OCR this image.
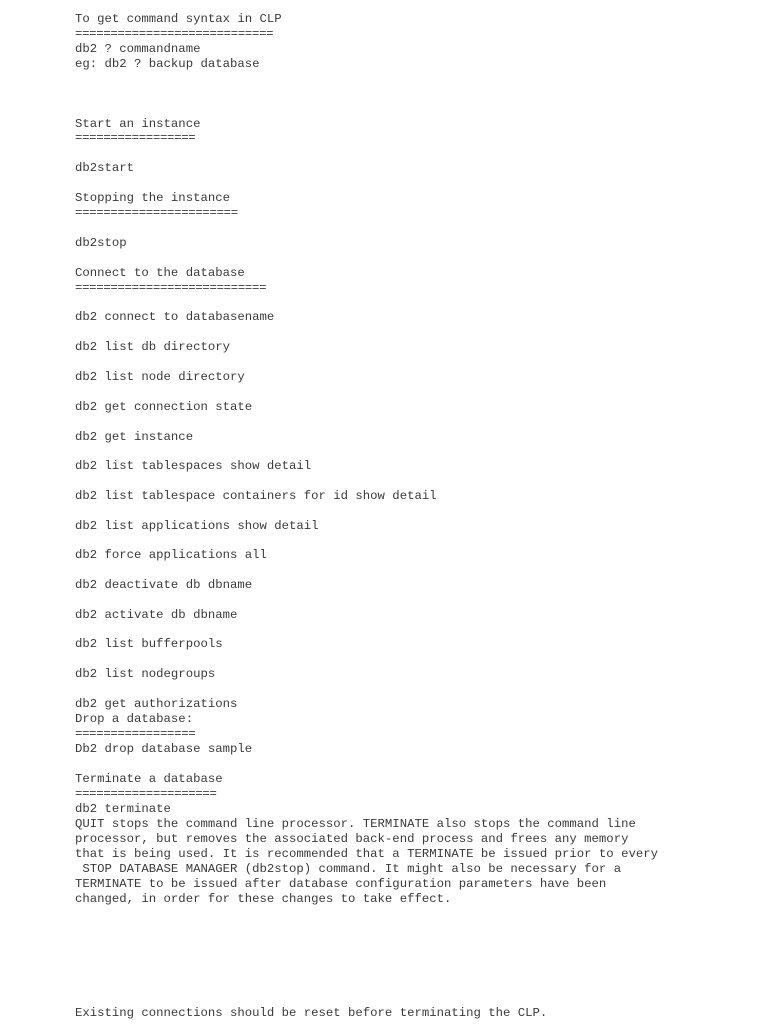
To get command syntax in CLP

============================

db2 ? commandname

eg: db2 ? backup database

Start an instance

=================

db2start

Stopping the instance

=======================

db2stop

Connect to the database

===========================

db2 connect to databasename

db2 list db directory

db2 list node directory

db2 get connection state

db2 get instance

db2 list tablespaces show detail

db2 list tablespace containers for id show detail

db2 list applications show detail

db2 force applications all

db2 deactivate db dbname

db2 activate db dbname

db2 list bufferpools

db2 list nodegroups

db2 get authorizations

Drop a database:

=================

Db2 drop database sample

Terminate a database

====================

db2 terminate

QUIT stops the command line processor. TERMINATE also stops the command line

processor, but removes the associated back-end process and frees any memory

that is being used. It is recommended that a TERMINATE be issued prior to every

STOP DATABASE MANAGER (db2stop) command. It might also be necessary for a

TERMINATE to be issued after database configuration parameters have been

changed, in order for these changes to take effect.

Existing connections should be reset before terminating the CLP.
